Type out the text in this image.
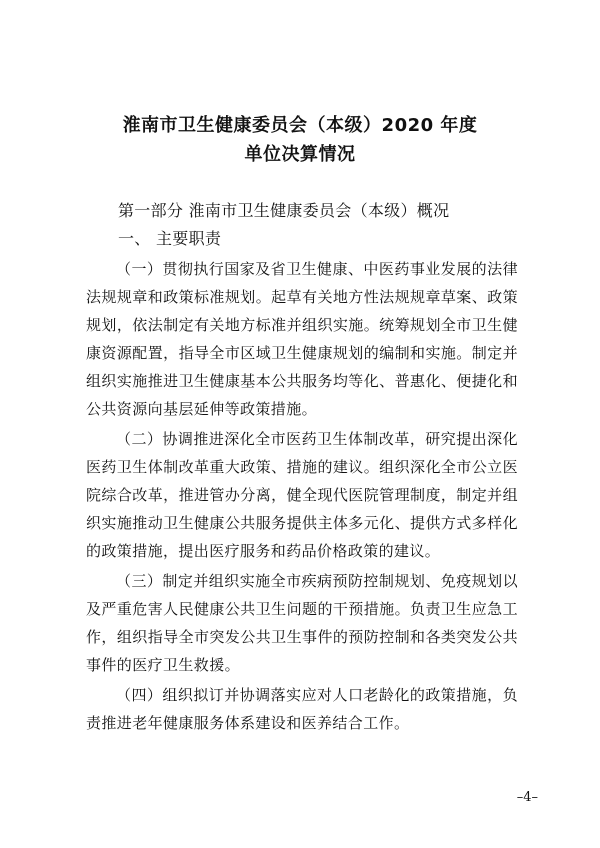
淮南市卫生健康委员会（本级）2020 年度
单位决算情况
第一部分 淮南市卫生健康委员会（本级）概况
一、 主要职责

（一）贯彻执行国家及省卫生健康、中医药事业发展的法律法规规章和政策标准规划。起草有关地方性法规规章草案、政策规划，依法制定有关地方标准并组织实施。统筹规划全市卫生健康资源配置，指导全市区域卫生健康规划的编制和实施。制定并组织实施推进卫生健康基本公共服务均等化、普惠化、便捷化和公共资源向基层延伸等政策措施。

（二）协调推进深化全市医药卫生体制改革，研究提出深化医药卫生体制改革重大政策、措施的建议。组织深化全市公立医院综合改革，推进管办分离，健全现代医院管理制度，制定并组织实施推动卫生健康公共服务提供主体多元化、提供方式多样化的政策措施，提出医疗服务和药品价格政策的建议。

（三）制定并组织实施全市疾病预防控制规划、免疫规划以及严重危害人民健康公共卫生问题的干预措施。负责卫生应急工作，组织指导全市突发公共卫生事件的预防控制和各类突发公共事件的医疗卫生救援。

（四）组织拟订并协调落实应对人口老龄化的政策措施，负责推进老年健康服务体系建设和医养结合工作。

–4–
